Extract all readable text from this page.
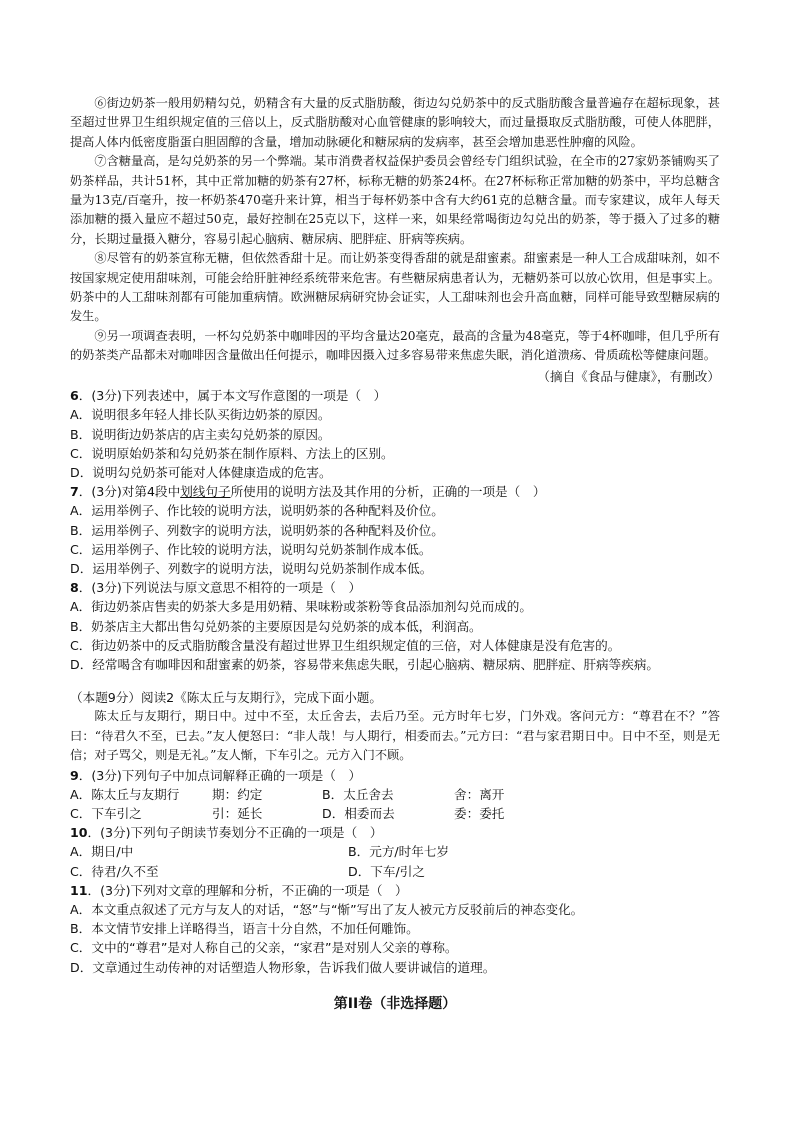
⑥街边奶茶一般用奶精勾兑，奶精含有大量的反式脂肪酸，街边勾兑奶茶中的反式脂肪酸含量普遍存在超标现象，甚至超过世界卫生组织规定值的三倍以上，反式脂肪酸对心血管健康的影响较大，而过量摄取反式脂肪酸，可使人体肥胖，提高人体内低密度脂蛋白胆固醇的含量，增加动脉硬化和糖尿病的发病率，甚至会增加患恶性肿瘤的风险。

⑦含糖量高，是勾兑奶茶的另一个弊端。某市消费者权益保护委员会曾经专门组织试验，在全市的27家奶茶铺购买了奶茶样品，共计51杯，其中正常加糖的奶茶有27杯，标称无糖的奶茶24杯。在27杯标称正常加糖的奶茶中，平均总糖含量为13克/百毫升，按一杯奶茶470毫升来计算，相当于每杯奶茶中含有大约61克的总糖含量。而专家建议，成年人每天添加糖的摄入量应不超过50克，最好控制在25克以下，这样一来，如果经常喝街边勾兑出的奶茶，等于摄入了过多的糖分，长期过量摄入糖分，容易引起心脑病、糖尿病、肥胖症、肝病等疾病。

⑧尽管有的奶茶宣称无糖，但依然香甜十足。而让奶茶变得香甜的就是甜蜜素。甜蜜素是一种人工合成甜味剂，如不按国家规定使用甜味剂，可能会给肝脏神经系统带来危害。有些糖尿病患者认为，无糖奶茶可以放心饮用，但是事实上。奶茶中的人工甜味剂都有可能加重病情。欧洲糖尿病研究协会证实，人工甜味剂也会升高血糖，同样可能导致型糖尿病的发生。

⑨另一项调查表明，一杯勾兑奶茶中咖啡因的平均含量达20毫克，最高的含量为48毫克，等于4杯咖啡，但几乎所有的奶茶类产品都未对咖啡因含量做出任何提示，咖啡因摄入过多容易带来焦虑失眠，消化道溃疡、骨质疏松等健康问题。

（摘自《食品与健康》，有删改）

6．(3分)下列表述中，属于本文写作意图的一项是（　）

A．说明很多年轻人排长队买街边奶茶的原因。

B．说明街边奶茶店的店主卖勾兑奶茶的原因。

C．说明原始奶茶和勾兑奶茶在制作原料、方法上的区别。

D．说明勾兑奶茶可能对人体健康造成的危害。

7．(3分)对第4段中划线句子所使用的说明方法及其作用的分析，正确的一项是（　）

A．运用举例子、作比较的说明方法，说明奶茶的各种配料及价位。

B．运用举例子、列数字的说明方法，说明奶茶的各种配料及价位。

C．运用举例子、作比较的说明方法，说明勾兑奶茶制作成本低。

D．运用举例子、列数字的说明方法，说明勾兑奶茶制作成本低。

8．(3分)下列说法与原文意思不相符的一项是（　）

A．街边奶茶店售卖的奶茶大多是用奶精、果味粉或茶粉等食品添加剂勾兑而成的。

B．奶茶店主大都出售勾兑奶茶的主要原因是勾兑奶茶的成本低，利润高。

C．街边奶茶中的反式脂肪酸含量没有超过世界卫生组织规定值的三倍，对人体健康是没有危害的。

D．经常喝含有咖啡因和甜蜜素的奶茶，容易带来焦虑失眠，引起心脑病、糖尿病、肥胖症、肝病等疾病。

（本题9分）阅读2《陈太丘与友期行》，完成下面小题。

陈太丘与友期行，期日中。过中不至，太丘舍去，去后乃至。元方时年七岁，门外戏。客问元方：“尊君在不？”答曰：“待君久不至，已去。”友人便怒曰：“非人哉！与人期行，相委而去。”元方曰：“君与家君期日中。日中不至，则是无信；对子骂父，则是无礼。”友人惭，下车引之。元方入门不顾。

9．(3分)下列句子中加点词解释正确的一项是（　）

A．陈太丘与友期行	期：约定	B．太丘舍去	舍：离开
C．下车引之	引：延长	D．相委而去	委：委托

10．(3分)下列句子朗读节奏划分不正确的一项是（　）

A．期日/中	B．元方/时年七岁
C．待君/久不至	D．下车/引之

11．(3分)下列对文章的理解和分析，不正确的一项是（　）

A．本文重点叙述了元方与友人的对话，“怒”与“惭”写出了友人被元方反驳前后的神态变化。

B．本文情节安排上详略得当，语言十分自然，不加任何雕饰。

C．文中的“尊君”是对人称自己的父亲，“家君”是对别人父亲的尊称。

D．文章通过生动传神的对话塑造人物形象，告诉我们做人要讲诚信的道理。

第II卷（非选择题）
